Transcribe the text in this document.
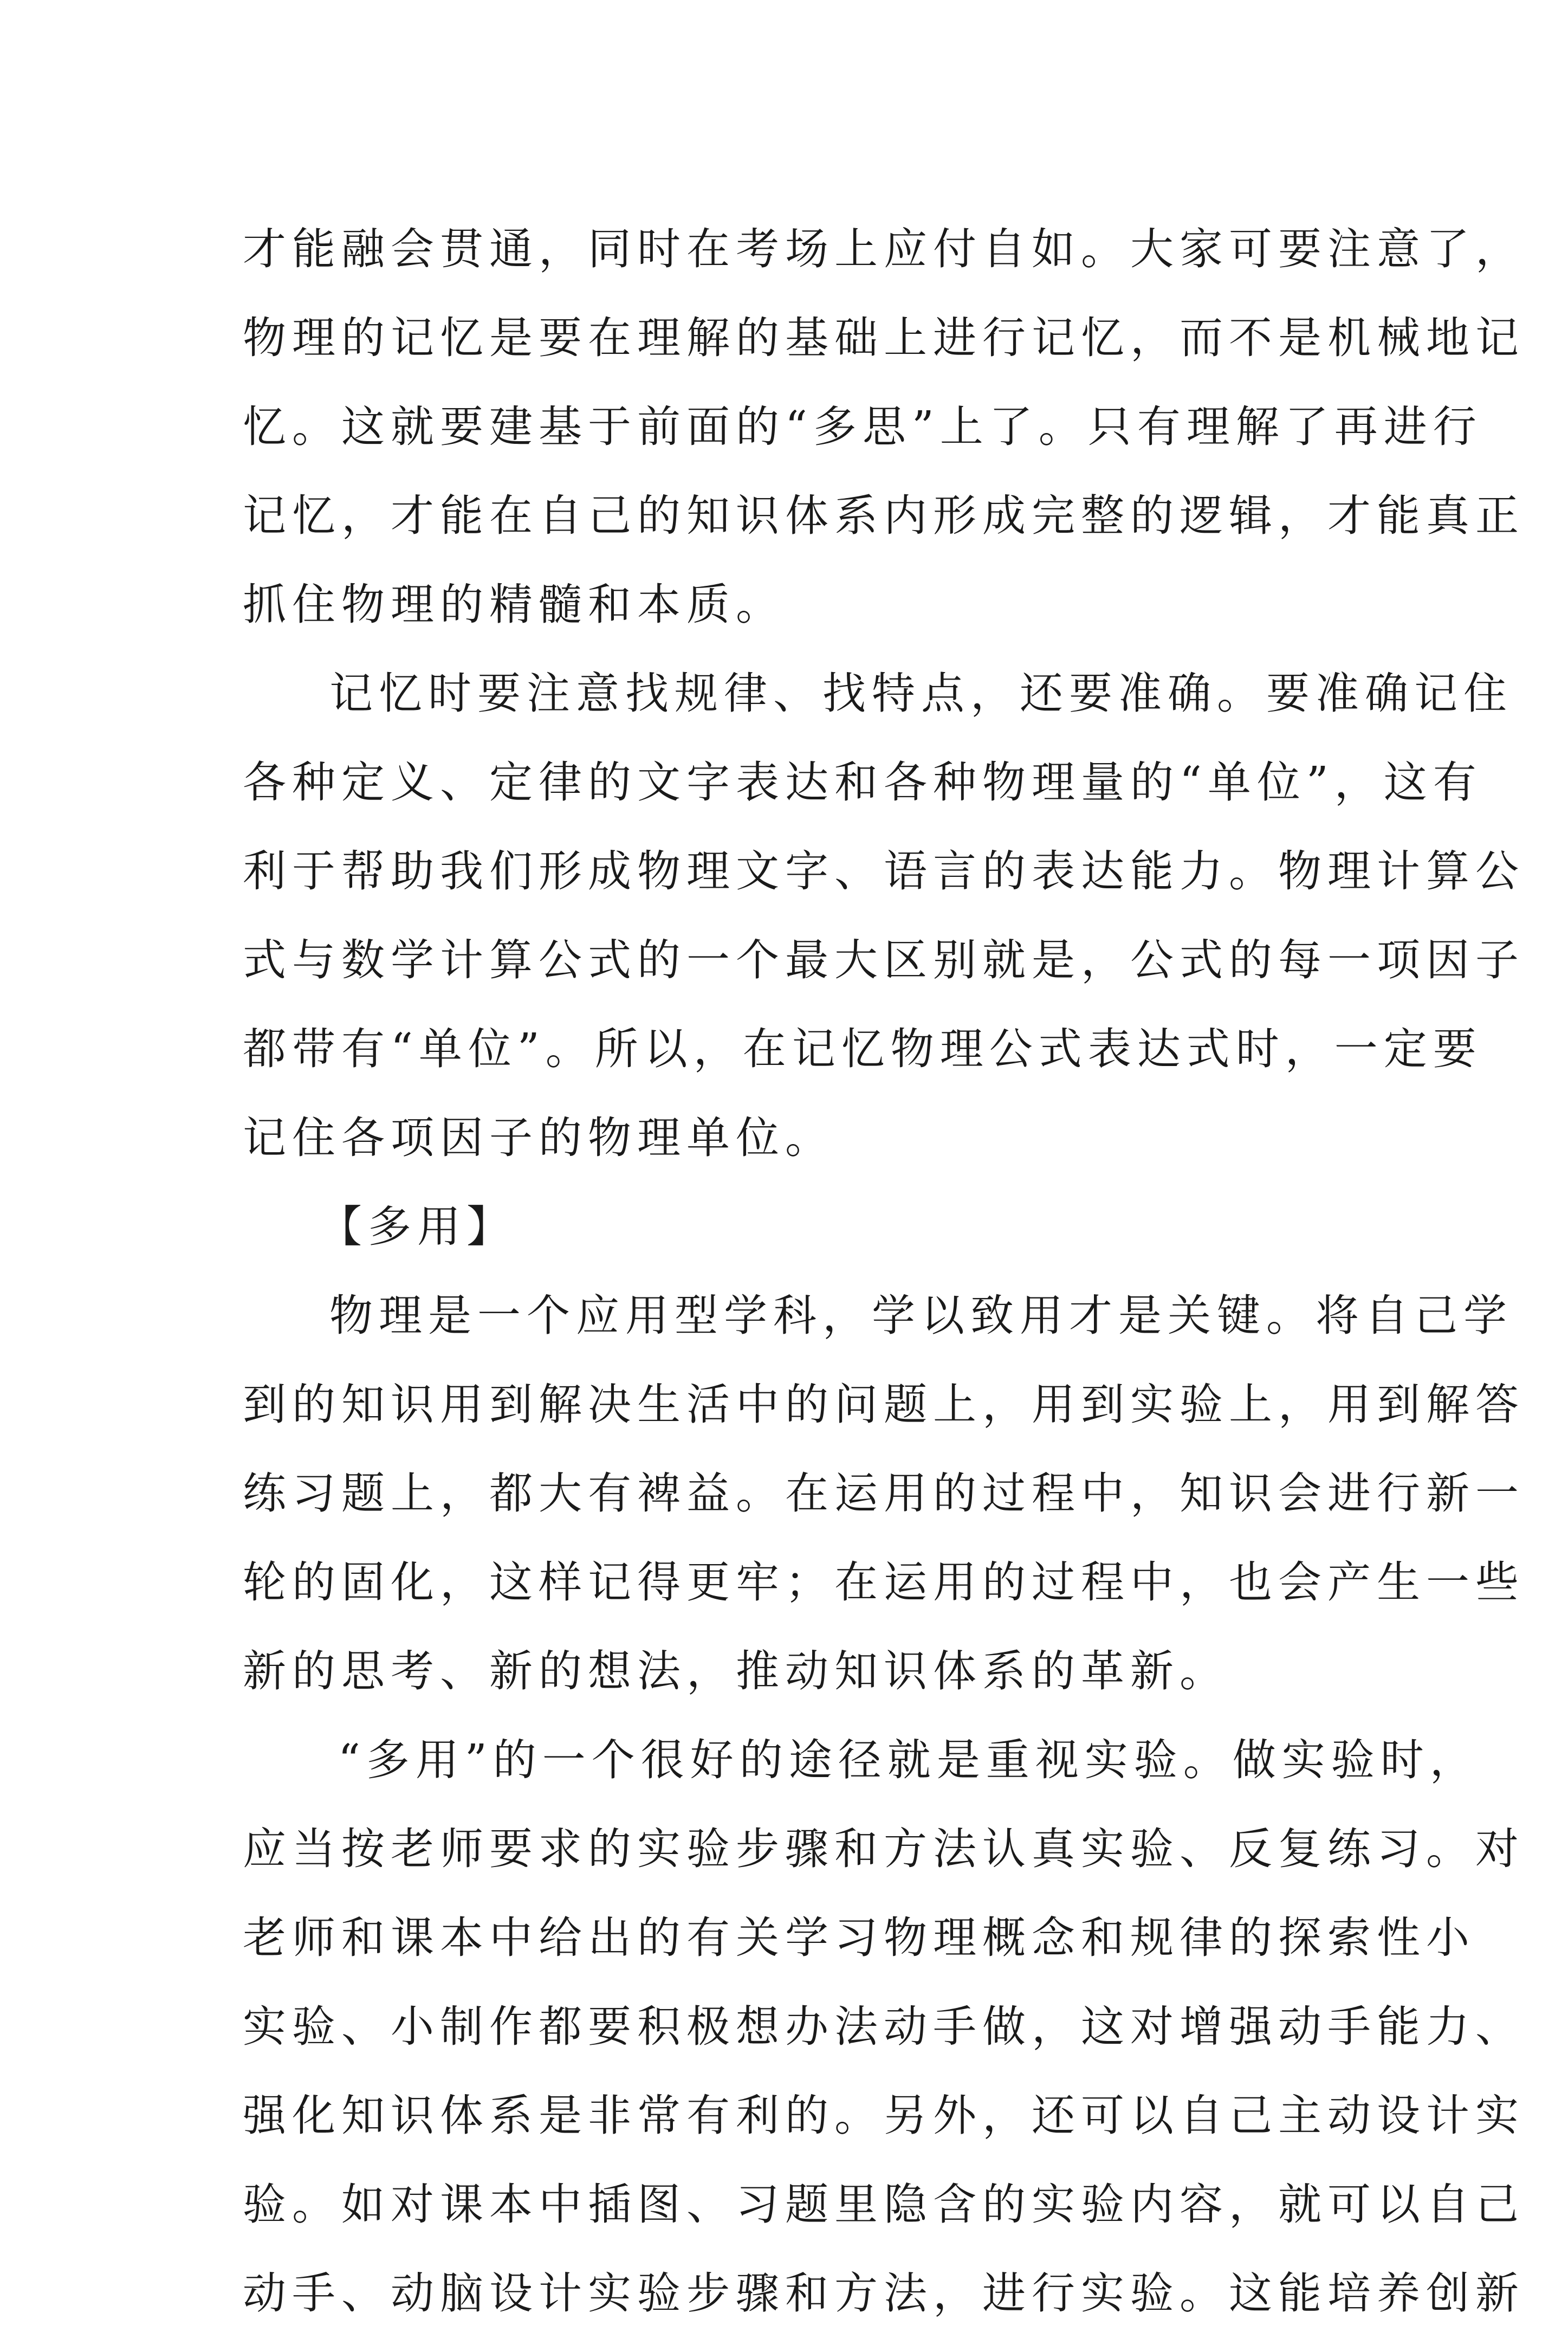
才能融会贯通，同时在考场上应付自如。大家可要注意了，
物理的记忆是要在理解的基础上进行记忆，而不是机械地记
忆。这就要建基于前面的“多思”上了。只有理解了再进行
记忆，才能在自己的知识体系内形成完整的逻辑，才能真正
抓住物理的精髓和本质。
记忆时要注意找规律、找特点，还要准确。要准确记住
各种定义、定律的文字表达和各种物理量的“单位”，这有
利于帮助我们形成物理文字、语言的表达能力。物理计算公
式与数学计算公式的一个最大区别就是，公式的每一项因子
都带有“单位”。所以，在记忆物理公式表达式时，一定要
记住各项因子的物理单位。
【多用】
物理是一个应用型学科，学以致用才是关键。将自己学
到的知识用到解决生活中的问题上，用到实验上，用到解答
练习题上，都大有裨益。在运用的过程中，知识会进行新一
轮的固化，这样记得更牢；在运用的过程中，也会产生一些
新的思考、新的想法，推动知识体系的革新。
“多用”的一个很好的途径就是重视实验。做实验时，
应当按老师要求的实验步骤和方法认真实验、反复练习。对
老师和课本中给出的有关学习物理概念和规律的探索性小
实验、小制作都要积极想办法动手做，这对增强动手能力、
强化知识体系是非常有利的。另外，还可以自己主动设计实
验。如对课本中插图、习题里隐含的实验内容，就可以自己
动手、动脑设计实验步骤和方法，进行实验。这能培养创新
